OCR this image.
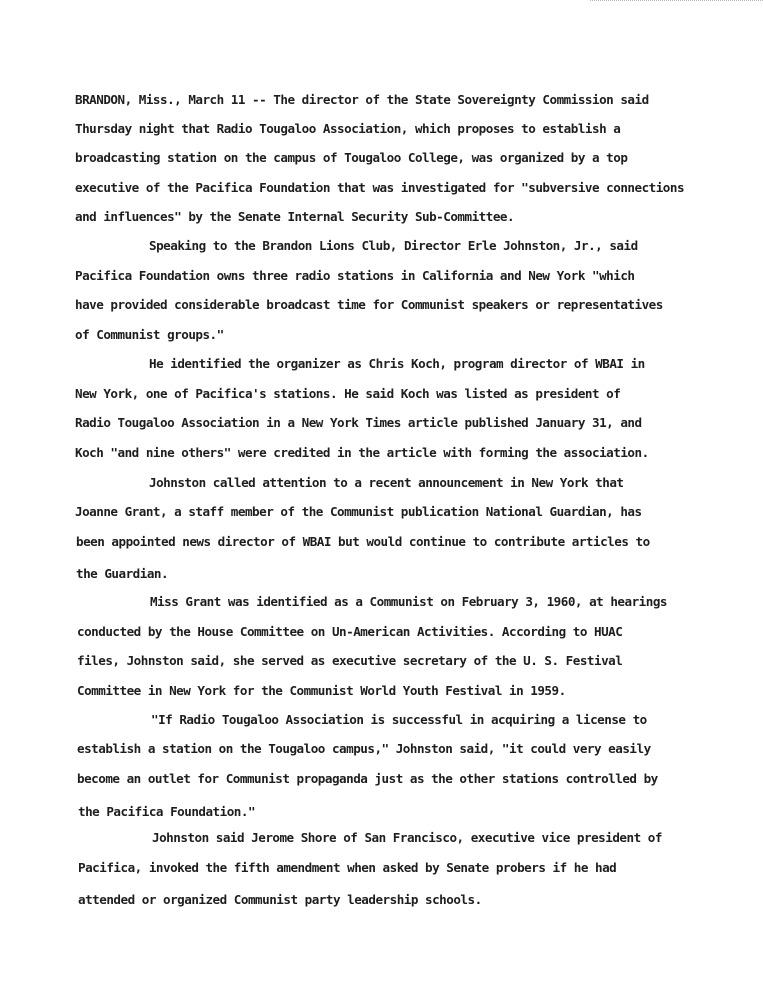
BRANDON, Miss., March 11 -- The director of the State Sovereignty Commission said
Thursday night that Radio Tougaloo Association, which proposes to establish a
broadcasting station on the campus of Tougaloo College, was organized by a top
executive of the Pacifica Foundation that was investigated for "subversive connections
and influences" by the Senate Internal Security Sub-Committee.
Speaking to the Brandon Lions Club, Director Erle Johnston, Jr., said
Pacifica Foundation owns three radio stations in California and New York "which
have provided considerable broadcast time for Communist speakers or representatives
of Communist groups."
He identified the organizer as Chris Koch, program director of WBAI in
New York, one of Pacifica's stations. He said Koch was listed as president of
Radio Tougaloo Association in a New York Times article published January 31, and
Koch "and nine others" were credited in the article with forming the association.
Johnston called attention to a recent announcement in New York that
Joanne Grant, a staff member of the Communist publication National Guardian, has
been appointed news director of WBAI but would continue to contribute articles to
the Guardian.
Miss Grant was identified as a Communist on February 3, 1960, at hearings
conducted by the House Committee on Un-American Activities. According to HUAC
files, Johnston said, she served as executive secretary of the U. S. Festival
Committee in New York for the Communist World Youth Festival in 1959.
"If Radio Tougaloo Association is successful in acquiring a license to
establish a station on the Tougaloo campus," Johnston said, "it could very easily
become an outlet for Communist propaganda just as the other stations controlled by
the Pacifica Foundation."
Johnston said Jerome Shore of San Francisco, executive vice president of
Pacifica, invoked the fifth amendment when asked by Senate probers if he had
attended or organized Communist party leadership schools.
